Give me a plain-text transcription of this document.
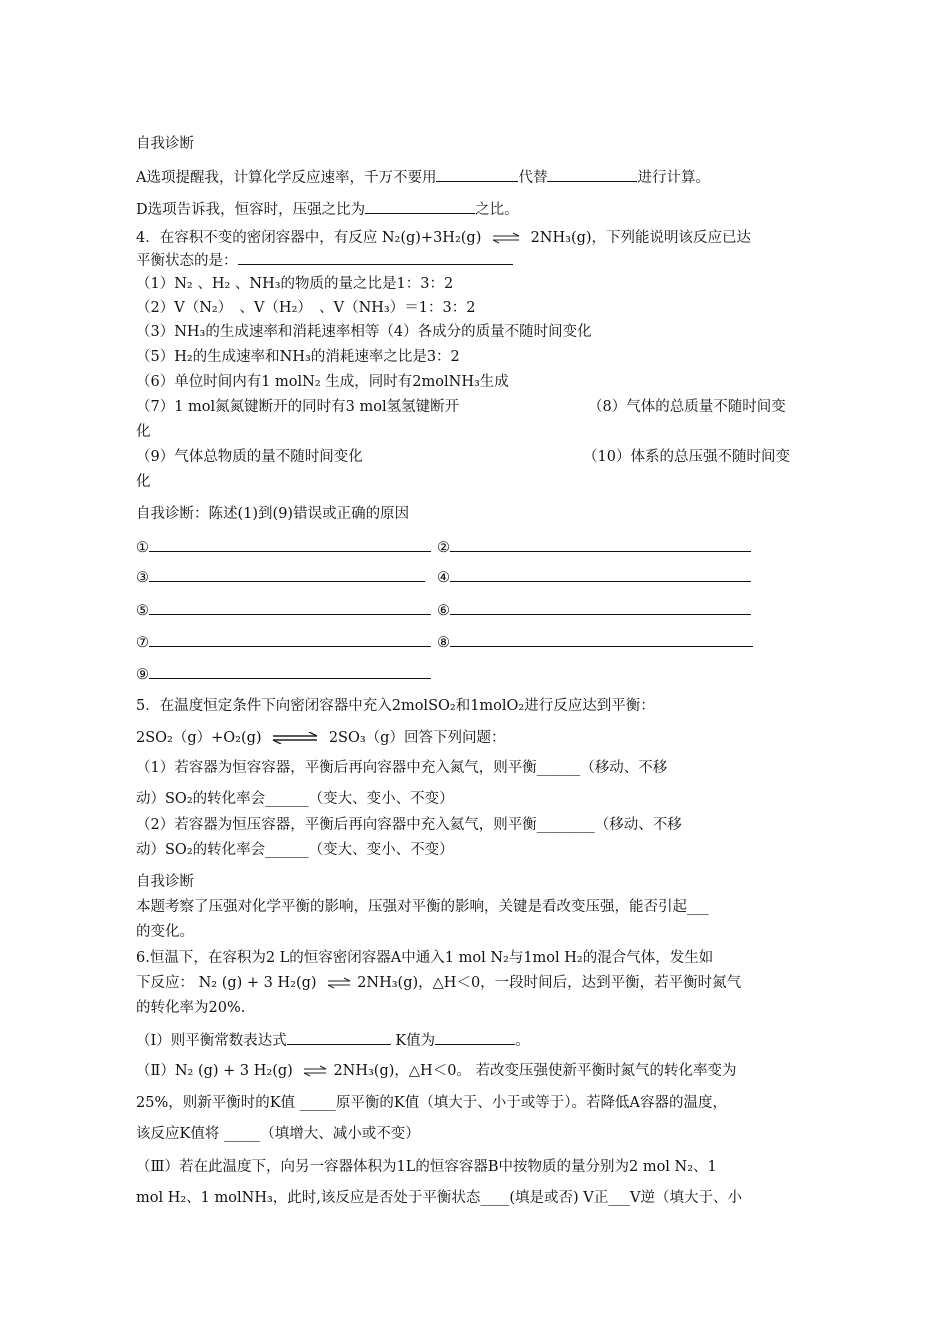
自我诊断
A选项提醒我，计算化学反应速率，千万不要用	代替	进行计算。
D选项告诉我，恒容时，压强之比为	之比。
4．在容积不变的密闭容器中，有反应 N₂(g)+3H₂(g) ⇌ 2NH₃(g)，下列能说明该反应已达
平衡状态的是：
（1）N₂ 、H₂ 、NH₃的物质的量之比是1：3：2
（2）V（N₂）　、V（H₂）　、V（NH₃）＝1：3：2
（3）NH₃的生成速率和消耗速率相等（4）各成分的质量不随时间变化
（5）H₂的生成速率和NH₃的消耗速率之比是3：2
（6）单位时间内有1 molN₂ 生成，同时有2molNH₃生成
（7）1 mol氮氮键断开的同时有3 mol氢氢键断开	（8）气体的总质量不随时间变
化
（9）气体总物质的量不随时间变化	（10）体系的总压强不随时间变
化
自我诊断：陈述(1)到(9)错误或正确的原因
①	②
③	④
⑤	⑥
⑦	⑧
⑨
5．在温度恒定条件下向密闭容器中充入2molSO₂和1molO₂进行反应达到平衡：
2SO₂（g）+O₂(g) ⇌ 2SO₃（g）回答下列问题：
（1）若容器为恒容容器，平衡后再向容器中充入氮气，则平衡______（移动、不移
动）SO₂的转化率会______（变大、变小、不变）
（2）若容器为恒压容器，平衡后再向容器中充入氦气，则平衡________（移动、不移
动）SO₂的转化率会______（变大、变小、不变）
自我诊断
本题考察了压强对化学平衡的影响，压强对平衡的影响，关键是看改变压强，能否引起___
的变化。
6.恒温下，在容积为2 L的恒容密闭容器A中通入1 mol N₂与1mol H₂的混合气体，发生如
下反应： N₂ (g) + 3 H₂(g) ⇌ 2NH₃(g)，△H＜0，一段时间后，达到平衡，若平衡时氮气
的转化率为20%.
（Ⅰ）则平衡常数表达式	K值为	。
（Ⅱ）N₂ (g) + 3 H₂(g) ⇌ 2NH₃(g)，△H＜0。 若改变压强使新平衡时氮气的转化率变为
25%，则新平衡时的K值 _____原平衡的K值（填大于、小于或等于）。若降低A容器的温度，
该反应K值将 _____（填增大、减小或不变）
（Ⅲ）若在此温度下，向另一容器体积为1L的恒容容器B中按物质的量分别为2 mol N₂、1
mol H₂、1 molNH₃，此时,该反应是否处于平衡状态____(填是或否) V正___V逆（填大于、小
